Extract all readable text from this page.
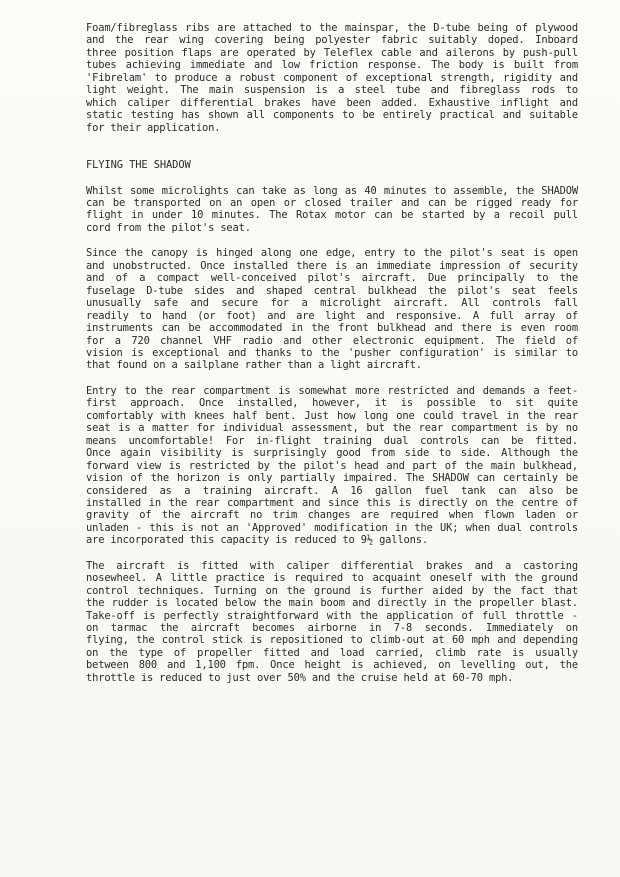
Foam/fibreglass ribs are attached to the mainspar, the D-tube being of plywood
and the rear wing covering being polyester fabric suitably doped. Inboard
three position flaps are operated by Teleflex cable and ailerons by push-pull
tubes achieving immediate and low friction response. The body is built from
'Fibrelam' to produce a robust component of exceptional strength, rigidity and
light weight. The main suspension is a steel tube and fibreglass rods to
which caliper differential brakes have been added. Exhaustive inflight and
static testing has shown all components to be entirely practical and suitable
for their application.
FLYING THE SHADOW
Whilst some microlights can take as long as 40 minutes to assemble, the SHADOW
can be transported on an open or closed trailer and can be rigged ready for
flight in under 10 minutes. The Rotax motor can be started by a recoil pull
cord from the pilot's seat.
Since the canopy is hinged along one edge, entry to the pilot's seat is open
and unobstructed. Once installed there is an immediate impression of security
and of a compact well-conceived pilot's aircraft. Due principally to the
fuselage D-tube sides and shaped central bulkhead the pilot's seat feels
unusually safe and secure for a microlight aircraft. All controls fall
readily to hand (or foot) and are light and responsive. A full array of
instruments can be accommodated in the front bulkhead and there is even room
for a 720 channel VHF radio and other electronic equipment. The field of
vision is exceptional and thanks to the 'pusher configuration' is similar to
that found on a sailplane rather than a light aircraft.
Entry to the rear compartment is somewhat more restricted and demands a feet-
first approach. Once installed, however, it is possible to sit quite
comfortably with knees half bent. Just how long one could travel in the rear
seat is a matter for individual assessment, but the rear compartment is by no
means uncomfortable! For in-flight training dual controls can be fitted.
Once again visibility is surprisingly good from side to side. Although the
forward view is restricted by the pilot's head and part of the main bulkhead,
vision of the horizon is only partially impaired. The SHADOW can certainly be
considered as a training aircraft. A 16 gallon fuel tank can also be
installed in the rear compartment and since this is directly on the centre of
gravity of the aircraft no trim changes are required when flown laden or
unladen - this is not an 'Approved' modification in the UK; when dual controls
are incorporated this capacity is reduced to 9½ gallons.
The aircraft is fitted with caliper differential brakes and a castoring
nosewheel. A little practice is required to acquaint oneself with the ground
control techniques. Turning on the ground is further aided by the fact that
the rudder is located below the main boom and directly in the propeller blast.
Take-off is perfectly straightforward with the application of full throttle -
on tarmac the aircraft becomes airborne in 7-8 seconds. Immediately on
flying, the control stick is repositioned to climb-out at 60 mph and depending
on the type of propeller fitted and load carried, climb rate is usually
between 800 and 1,100 fpm. Once height is achieved, on levelling out, the
throttle is reduced to just over 50% and the cruise held at 60-70 mph.
